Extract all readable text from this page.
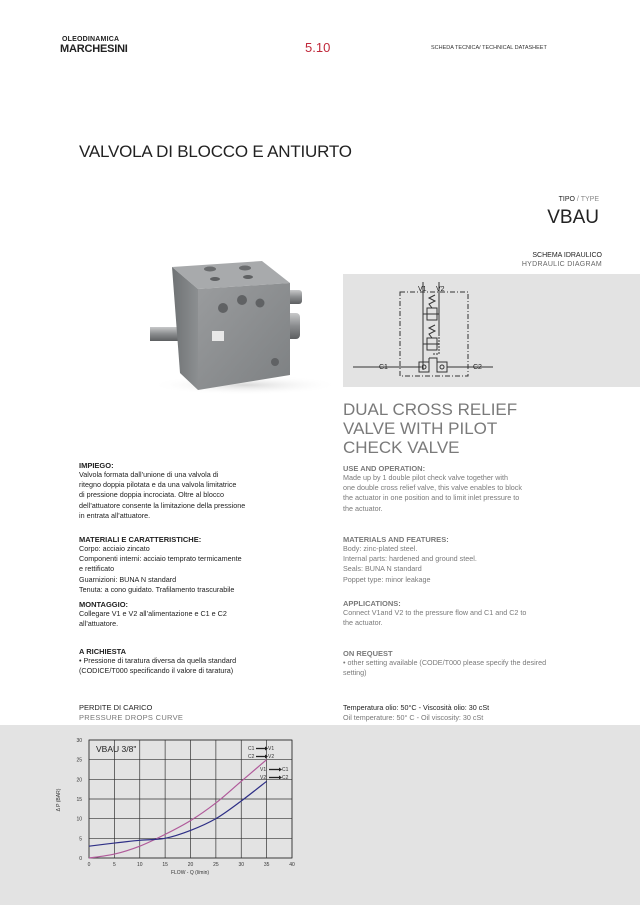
OLEODINAMICA
MARCHESINI	5.10	SCHEDA TECNICA/ TECHNICAL DATASHEET
VALVOLA DI BLOCCO E ANTIURTO
TIPO / TYPE
VBAU
SCHEMA IDRAULICO
HYDRAULIC DIAGRAM
V1 V2
C1	C2
DUAL CROSS RELIEF
VALVE WITH PILOT
CHECK VALVE
IMPIEGO:
Valvola formata dall’unione di una valvola di
ritegno doppia pilotata e da una valvola limitatrice
di pressione doppia incrociata. Oltre al blocco
dell’attuatore consente la limitazione della pressione
in entrata all’attuatore.
MATERIALI E CARATTERISTICHE:
Corpo: acciaio zincato
Componenti interni: acciaio temprato termicamente
e rettificato
Guarnizioni: BUNA N standard
Tenuta: a cono guidato. Trafilamento trascurabile
MONTAGGIO:
Collegare V1 e V2 all’alimentazione e C1 e C2
all’attuatore.
A RICHIESTA
• Pressione di taratura diversa da quella standard
(CODICE/T000 specificando il valore di taratura)
USE AND OPERATION:
Made up by 1 double pilot check valve together with
one double cross relief valve, this valve enables to block
the actuator in one position and to limit inlet pressure to
the actuator.
MATERIALS AND FEATURES:
Body: zinc-plated steel.
Internal parts: hardened and ground steel.
Seals: BUNA N standard
Poppet type: minor leakage
APPLICATIONS:
Connect V1and V2 to the pressure flow and C1 and C2 to
the actuator.
ON REQUEST
• other setting available (CODE/T000 please specify the desired
setting)
PERDITE DI CARICO
PRESSURE DROPS CURVE
Temperatura olio: 50°C - Viscosità olio: 30 cSt
Oil temperature: 50° C - Oil viscosity: 30 cSt
0	5	10	15	20	25	30	35	40
0
5
10
15
20
25
30
VBAU 3/8"
FLOW - Q (l/min)
Δ P (BAR)
C1	V1
C2	V2
V1	C1
V2	C2
